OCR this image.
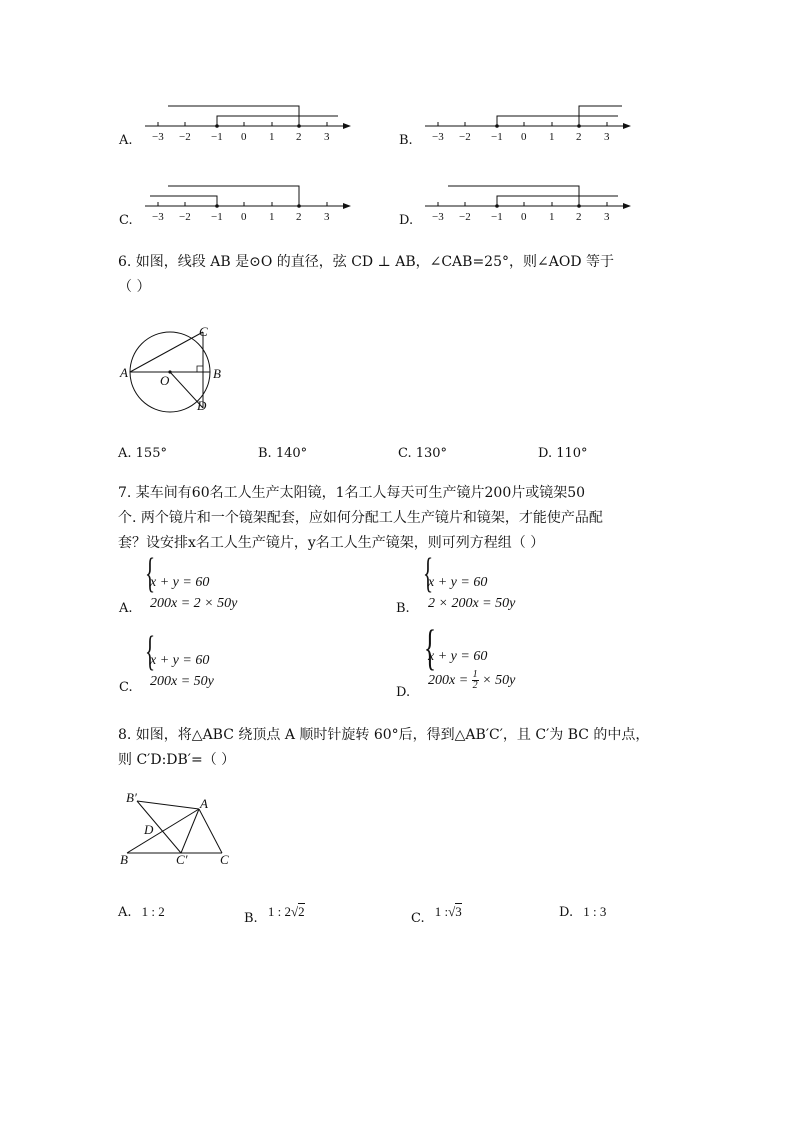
A. −3 −2 −1 0 1 2 3	B. −3 −2 −1 0 1 2 3
C. −3 −2 −1 0 1 2 3	D. −3 −2 −1 0 1 2 3
6. 如图，线段 AB 是⊙O 的直径，弦 CD ⊥ AB，∠CAB=25°，则∠AOD 等于
（ ）
A	B
C
D
O
A. 155°	B. 140°	C. 130°	D. 110°
7. 某车间有60名工人生产太阳镜，1名工人每天可生产镜片200片或镜架50
个. 两个镜片和一个镜架配套，应如何分配工人生产镜片和镜架，才能使产品配
套？设安排x名工人生产镜片，y名工人生产镜架，则可列方程组（ ）
A.
{
x + y = 60
200x = 2 × 50y	B.
{
x + y = 60
2 × 200x = 50y
C.
{
x + y = 60
200x = 50y
D.
{
x + y = 60
$200x = \frac{1}{2} \times 50y$
8. 如图，将△ABC 绕顶点 A 顺时针旋转 60°后，得到△AB′C′，且 C′为 BC 的中点，
则 C′D:DB′=（ ）
B′	A
D
B	C′ C
A. 1 : 2	B. 1 : 2√2	C. 1 :√3	D. 1 : 3
